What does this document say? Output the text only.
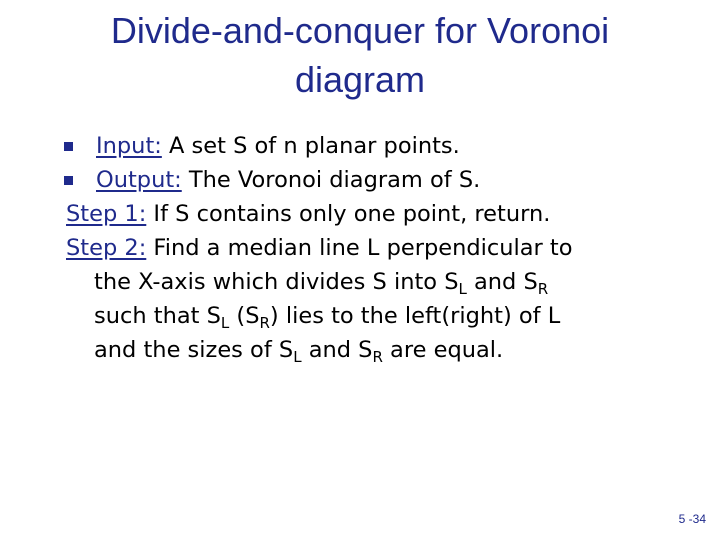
Divide-and-conquer for Voronoi
diagram
Input: A set S of n planar points.
Output: The Voronoi diagram of S.
Step 1: If S contains only one point, return.
Step 2: Find a median line L perpendicular to
the X-axis which divides S into $S_L$ and $S_R$
such that $S_L$ $(S_R)$ lies to the left(right) of L
and the sizes of $S_L$ and $S_R$ are equal.
5 -34
